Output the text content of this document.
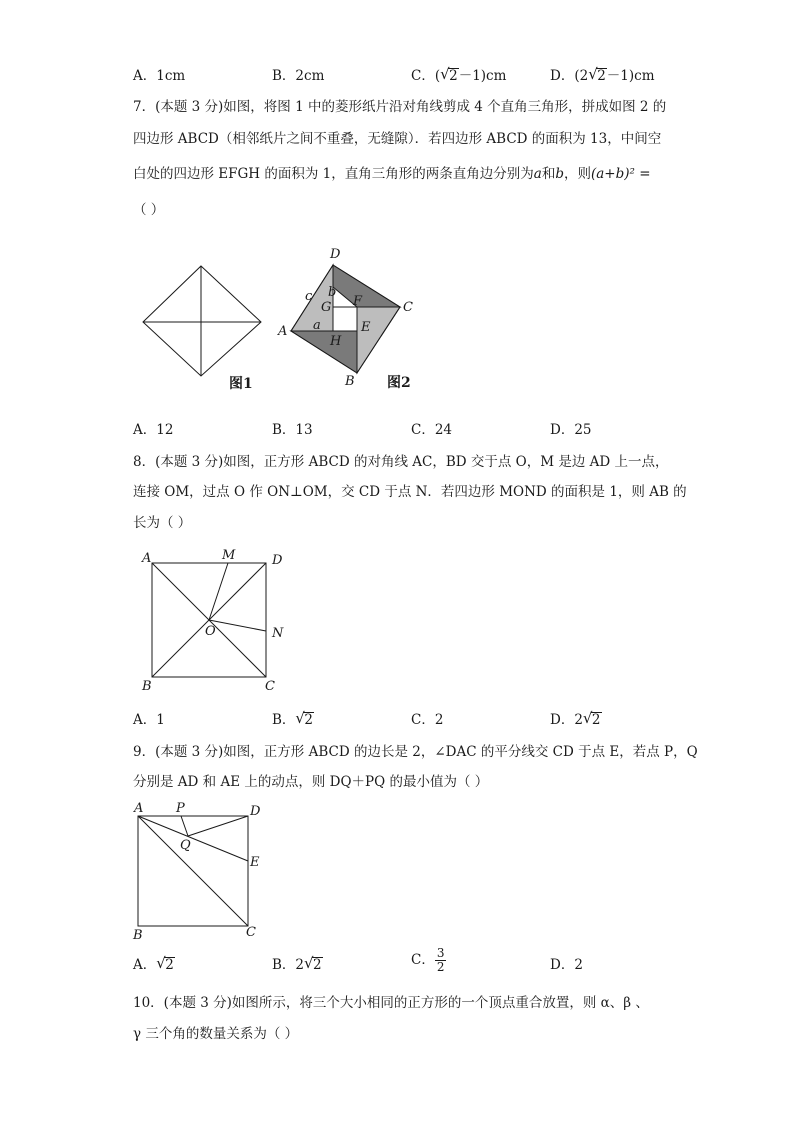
A．1cm	B．2cm	C．( √ 2－1)cm	D．(2 √ 2－1)cm
7．(本题 3 分)如图，将图 1 中的菱形纸片沿对角线剪成 4 个直角三角形，拼成如图 2 的
四边形 ABCD（相邻纸片之间不重叠，无缝隙）．若四边形 ABCD 的面积为 13，中间空
白处的四边形 EFGH 的面积为 1，直角三角形的两条直角边分别为a和b，则(a+b)² =
（ ）
图1
D
C
A
B
F
E
G
H
c b
a
图2
A．12	B．13	C．24	D．25
8．(本题 3 分)如图，正方形 ABCD 的对角线 AC，BD 交于点 O，M 是边 AD 上一点，
连接 OM，过点 O 作 ON⊥OM，交 CD 于点 N．若四边形 MOND 的面积是 1，则 AB 的
长为（ ）
A	D
B	C
M
N
O
A．1	B． √ 2	C．2	D．2 √ 2
9．(本题 3 分)如图，正方形 ABCD 的边长是 2，∠DAC 的平分线交 CD 于点 E，若点 P，Q
分别是 AD 和 AE 上的动点，则 DQ＋PQ 的最小值为（ ）
A	P	D
E
Q
B	C
A． √ 2	B．2 √ 2	C． $\frac{3}{2}$	D．2
10．(本题 3 分)如图所示，将三个大小相同的正方形的一个顶点重合放置，则 α、β 、
γ 三个角的数量关系为（ ）
